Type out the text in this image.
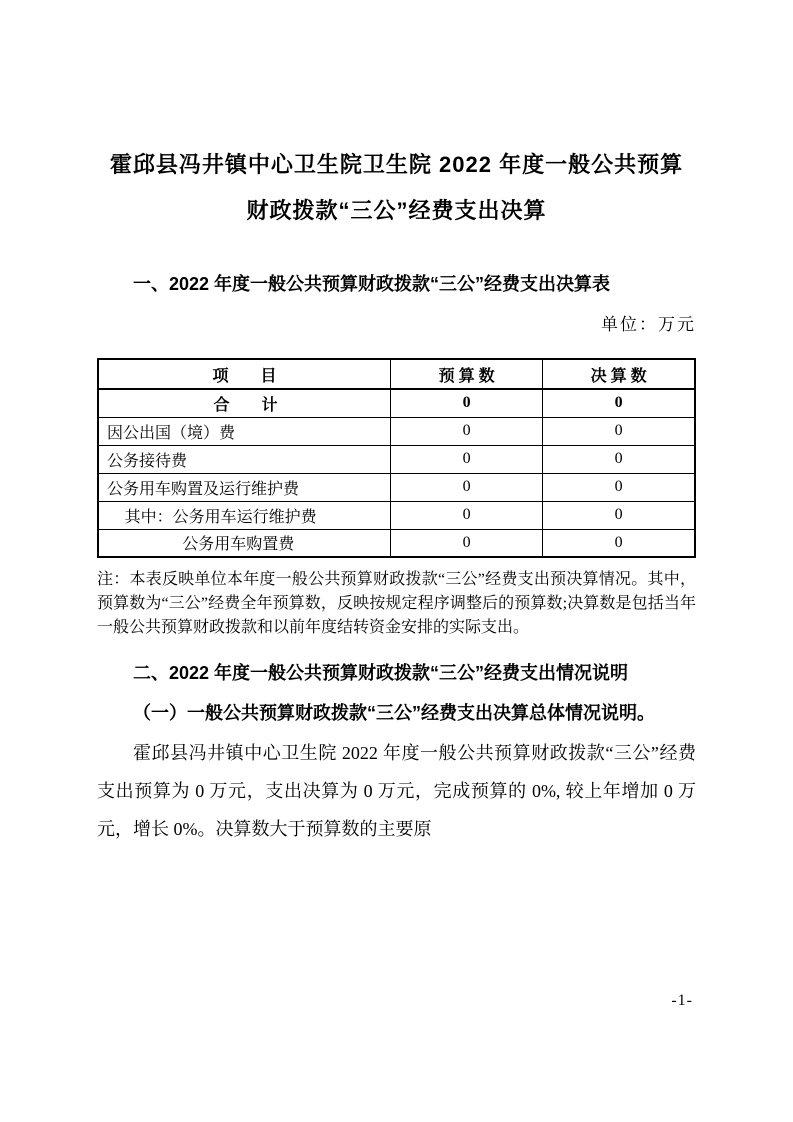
霍邱县冯井镇中心卫生院卫生院 2022 年度一般公共预算
财政拨款“三公”经费支出决算

一、2022 年度一般公共预算财政拨款“三公”经费支出决算表

单位：万元

项　　目	预 算 数	决 算 数
合　　计	0	0
因公出国（境）费	0	0
公务接待费	0	0
公务用车购置及运行维护费	0	0
其中：公务用车运行维护费	0	0
公务用车购置费	0	0

注：本表反映单位本年度一般公共预算财政拨款“三公”经费支出预决算情况。其中，预算数为“三公”经费全年预算数，反映按规定程序调整后的预算数;决算数是包括当年一般公共预算财政拨款和以前年度结转资金安排的实际支出。

二、2022 年度一般公共预算财政拨款“三公”经费支出情况说明

（一）一般公共预算财政拨款“三公”经费支出决算总体情况说明。

霍邱县冯井镇中心卫生院 2022 年度一般公共预算财政拨款“三公”经费支出预算为 0 万元，支出决算为 0 万元，完成预算的 0%, 较上年增加 0 万元，增长 0%。决算数大于预算数的主要原

-1-
